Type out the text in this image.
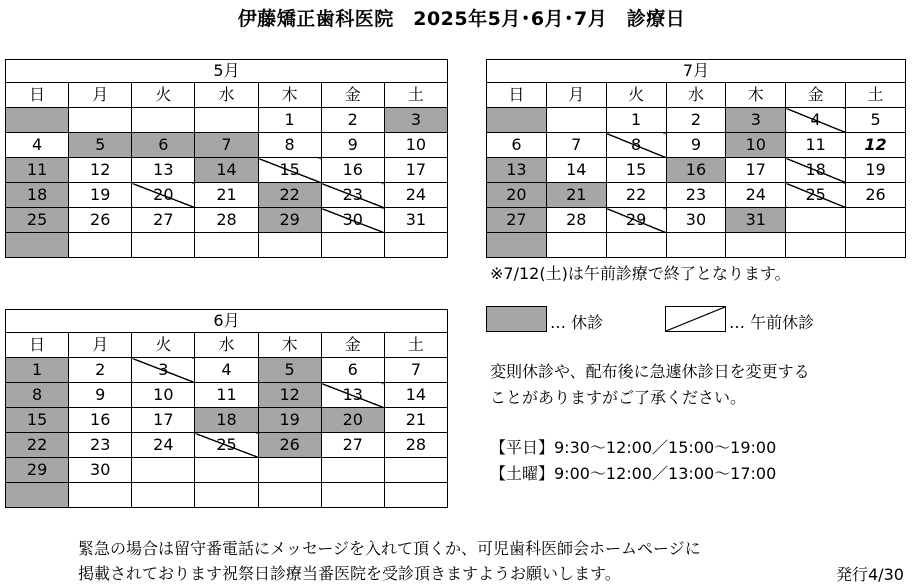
伊藤矯正歯科医院　2025年5月･6月･7月　診療日
5月						
日	月	火	水	木	金	土
				1	2	3
4	5	6	7	8	9	10
11	12	13	14	15	16	17
18	19	20	21	22	23	24
25	26	27	28	29	30	31

7月						
日	月	火	水	木	金	土
		1	2	3	4	5
6	7	8	9	10	11	12
13	14	15	16	17	18	19
20	21	22	23	24	25	26
27	28	29	30	31		

6月						
日	月	火	水	木	金	土
1	2	3	4	5	6	7
8	9	10	11	12	13	14
15	16	17	18	19	20	21
22	23	24	25	26	27	28
29	30					

※7/12(土)は午前診療で終了となります。
… 休診	… 午前休診
変則休診や、配布後に急遽休診日を変更する
ことがありますがご了承ください。
【平日】9:30～12:00／15:00～19:00
【土曜】9:00～12:00／13:00～17:00
緊急の場合は留守番電話にメッセージを入れて頂くか、可児歯科医師会ホームページに
掲載されております祝祭日診療当番医院を受診頂きますようお願いします。	発行4/30
